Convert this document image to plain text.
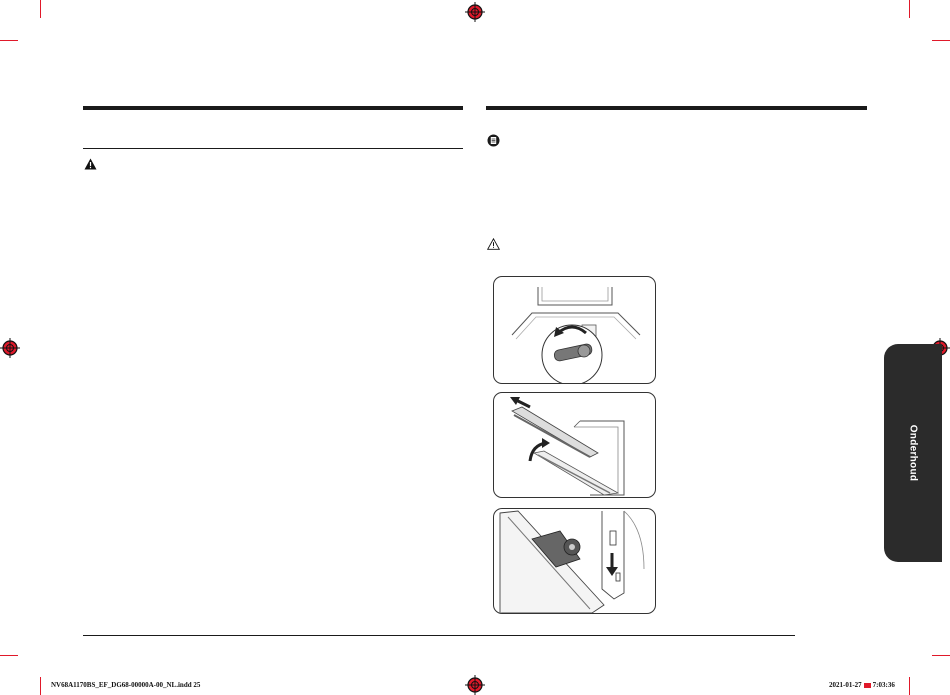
Onderhoud
NV68A1170BS_EF_DG68-00000A-00_NL.indd 25	2021-01-27 7:03:36
